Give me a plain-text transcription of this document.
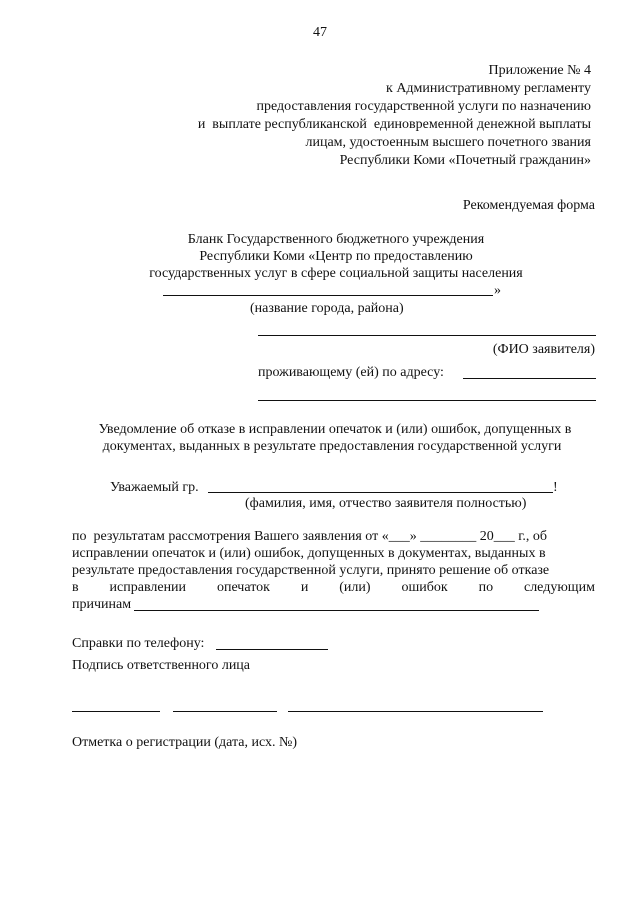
47
Приложение № 4
к Административному регламенту
предоставления государственной услуги по назначению
и  выплате республиканской  единовременной денежной выплаты
лицам, удостоенным высшего почетного звания
Республики Коми «Почетный гражданин»
Рекомендуемая форма
Бланк Государственного бюджетного учреждения
Республики Коми «Центр по предоставлению
государственных услуг в сфере социальной защиты населения
»
(название города, района)
(ФИО заявителя)
проживающему (ей) по адресу:
Уведомление об отказе в исправлении опечаток и (или) ошибок, допущенных в
документах, выданных в результате предоставления государственной услуги
Уважаемый гр.	!
(фамилия, имя, отчество заявителя полностью)
по  результатам рассмотрения Вашего заявления от «___» ________ 20___ г., об
исправлении опечаток и (или) ошибок, допущенных в документах, выданных в
результате предоставления государственной услуги, принято решение об отказе
в исправлении опечаток и (или) ошибок по следующим
причинам
Справки по телефону:
Подпись ответственного лица
Отметка о регистрации (дата, исх. №)
